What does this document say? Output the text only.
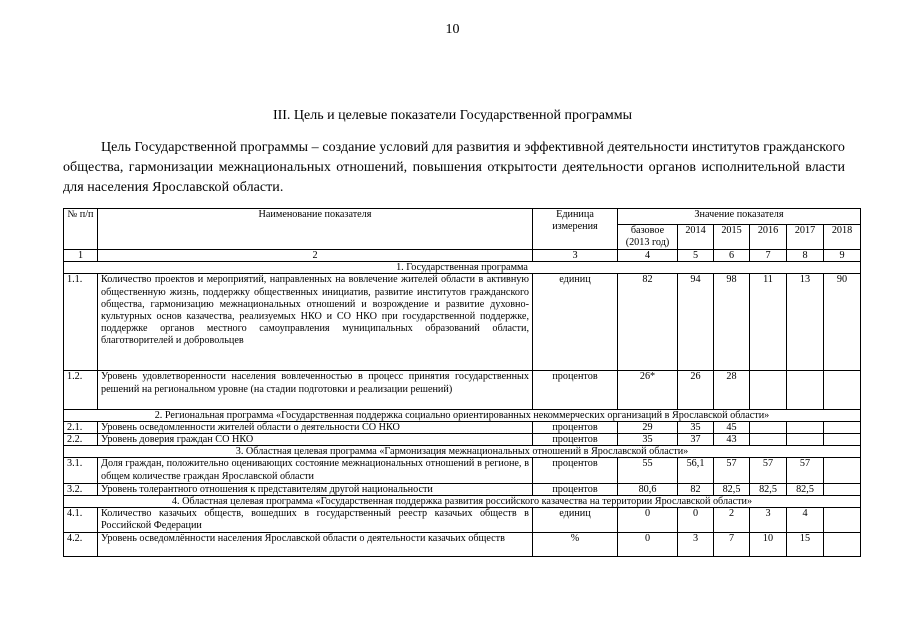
10
III. Цель и целевые показатели Государственной программы
Цель Государственной программы – создание условий для развития и эффективной деятельности институтов гражданского общества, гармонизации межнациональных отношений, повышения открытости деятельности органов исполнительной власти для населения Ярославской области.
№ п/п	Наименование показателя	Единица измерения	Значение показателя					
			базовое (2013 год)	2014	2015	2016	2017	2018
1	2	3	4	5	6	7	8	9
1. Государственная программа								
1.1.	Количество проектов и мероприятий, направленных на вовлечение жителей области в активную общественную жизнь, поддержку общественных инициатив, развитие институтов гражданского общества, гармонизацию межнациональных отношений и возрождение и развитие духовно-культурных основ казачества, реализуемых НКО и СО НКО при государственной поддержке, поддержке органов местного самоуправления муниципальных образований области, благотворителей и добровольцев	единиц	82	94	98	11	13	90
1.2.	Уровень удовлетворенности населения вовлеченностью в процесс принятия государственных решений на региональном уровне (на стадии подготовки и реализации решений)	процентов	26*	26	28			
2. Региональная программа «Государственная поддержка социально ориентированных некоммерческих организаций в Ярославской области»								
2.1.	Уровень осведомленности жителей области о деятельности СО НКО	процентов	29	35	45			
2.2.	Уровень доверия граждан СО НКО	процентов	35	37	43			
3. Областная целевая программа «Гармонизация межнациональных отношений в Ярославской области»								
3.1.	Доля граждан, положительно оценивающих состояние межнациональных отношений в регионе, в общем количестве граждан Ярославской области	процентов	55	56,1	57	57	57	
3.2.	Уровень толерантного отношения к представителям другой национальности	процентов	80,6	82	82,5	82,5	82,5	
4. Областная целевая программа «Государственная поддержка развития российского казачества на территории Ярославской области»								
4.1.	Количество казачьих обществ, вошедших в государственный реестр казачьих обществ в Российской Федерации	единиц	0	0	2	3	4	
4.2.	Уровень осведомлённости населения Ярославской области о деятельности казачьих обществ	%	0	3	7	10	15	
